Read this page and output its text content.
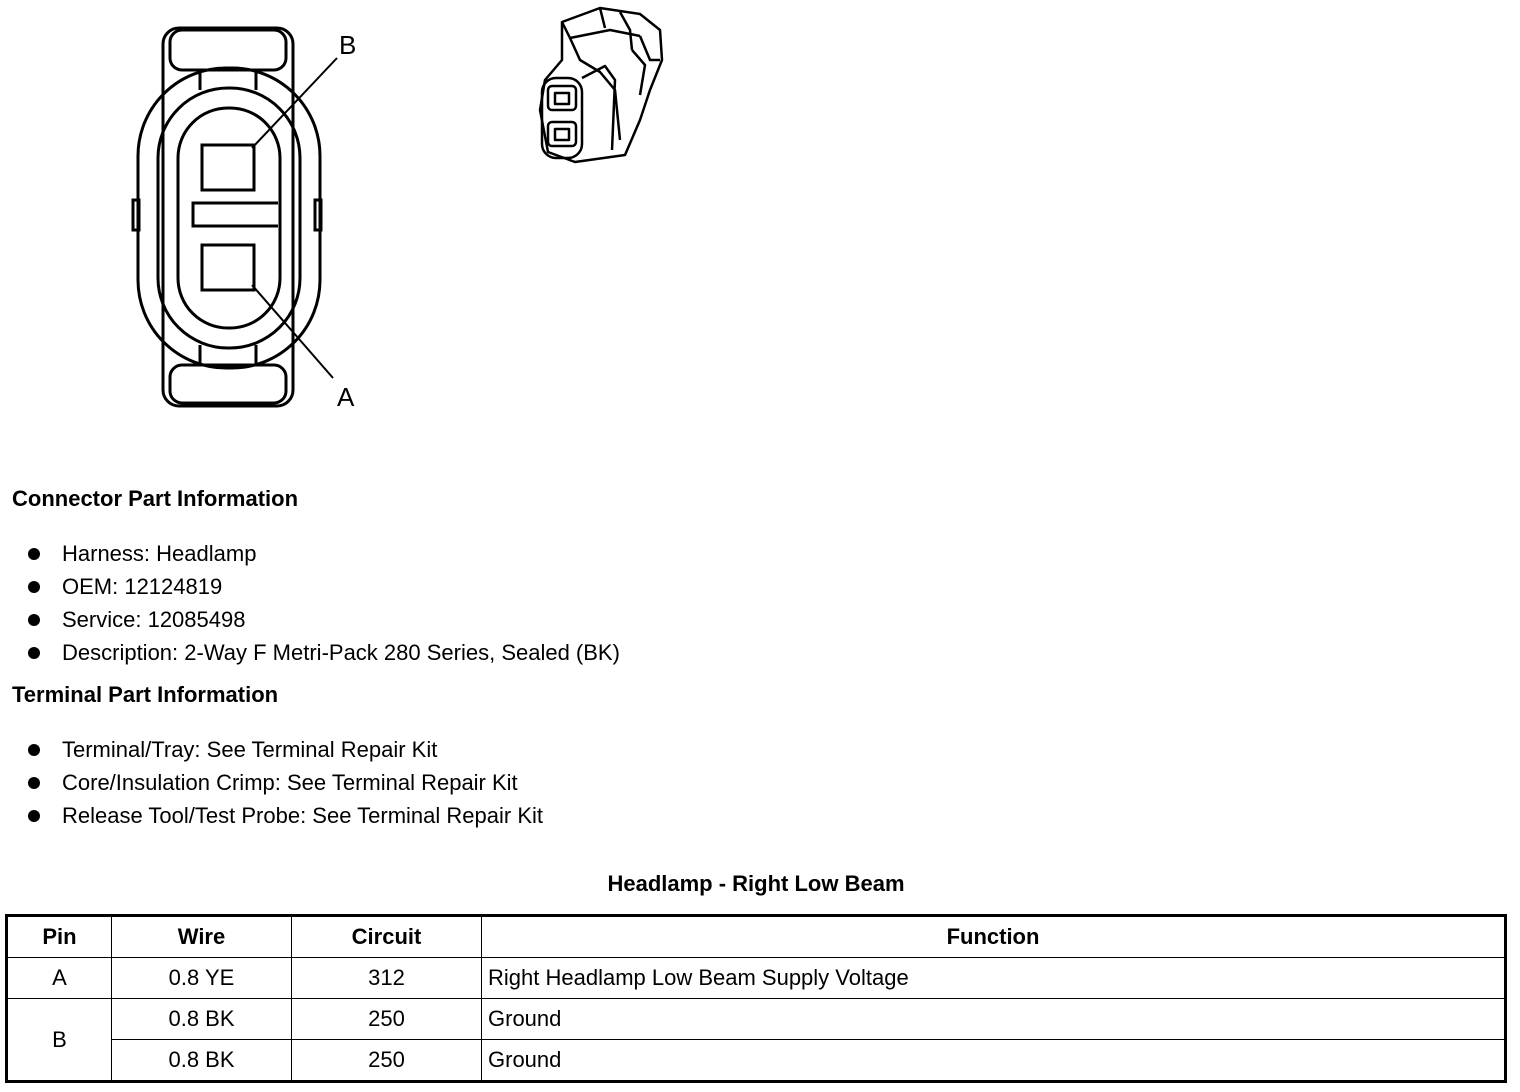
B
A
Connector Part Information
Harness: Headlamp
OEM: 12124819
Service: 12085498
Description: 2-Way F Metri-Pack 280 Series, Sealed (BK)
Terminal Part Information
Terminal/Tray: See Terminal Repair Kit
Core/Insulation Crimp: See Terminal Repair Kit
Release Tool/Test Probe: See Terminal Repair Kit
Headlamp - Right Low Beam
Pin	Wire	Circuit	Function
A	0.8 YE	312	Right Headlamp Low Beam Supply Voltage
B	0.8 BK	250	Ground
	0.8 BK	250	Ground
